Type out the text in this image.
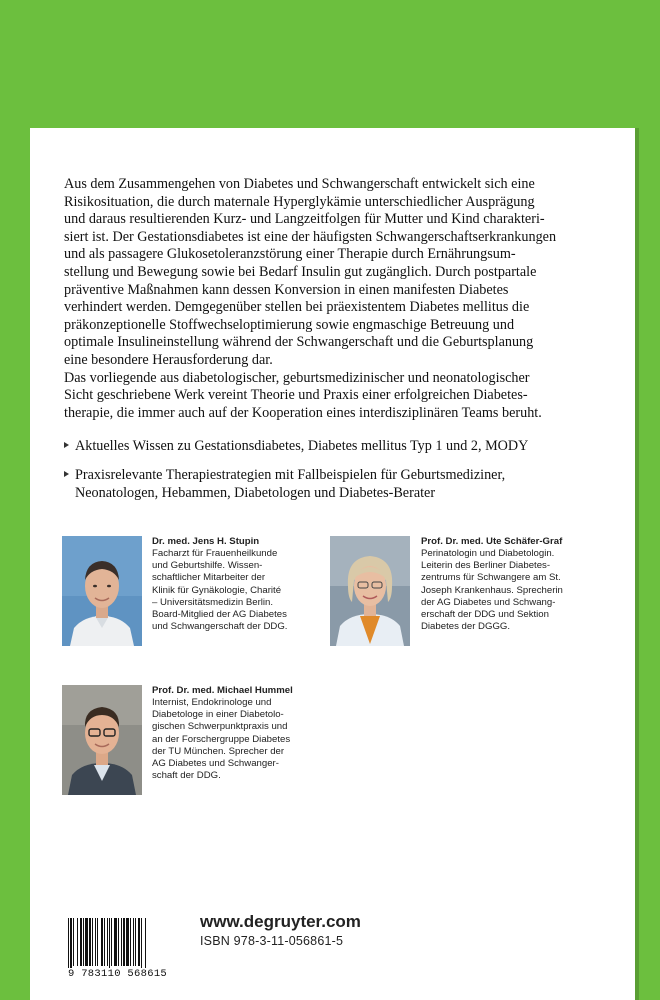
Aus dem Zusammengehen von Diabetes und Schwangerschaft entwickelt sich eine
Risikosituation, die durch maternale Hyperglykämie unterschiedlicher Ausprägung
und daraus resultierenden Kurz- und Langzeitfolgen für Mutter und Kind charakteri-
siert ist. Der Gestationsdiabetes ist eine der häufigsten Schwangerschaftserkrankungen
und als passagere Glukosetoleranzstörung einer Therapie durch Ernährungsum-
stellung und Bewegung sowie bei Bedarf Insulin gut zugänglich. Durch postpartale
präventive Maßnahmen kann dessen Konversion in einen manifesten Diabetes
verhindert werden. Demgegenüber stellen bei präexistentem Diabetes mellitus die
präkonzeptionelle Stoffwechseloptimierung sowie engmaschige Betreuung und
optimale Insulineinstellung während der Schwangerschaft und die Geburtsplanung
eine besondere Herausforderung dar.
Das vorliegende aus diabetologischer, geburtsmedizinischer und neonatologischer
Sicht geschriebene Werk vereint Theorie und Praxis einer erfolgreichen Diabetes-
therapie, die immer auch auf der Kooperation eines interdisziplinären Teams beruht.
Aktuelles Wissen zu Gestationsdiabetes, Diabetes mellitus Typ 1 und 2, MODY
Praxisrelevante Therapiestrategien mit Fallbeispielen für Geburtsmediziner,
Neonatologen, Hebammen, Diabetologen und Diabetes-Berater
Dr. med. Jens H. Stupin
Facharzt für Frauenheilkunde
und Geburtshilfe. Wissen-
schaftlicher Mitarbeiter der
Klinik für Gynäkologie, Charité
– Universitätsmedizin Berlin.
Board-Mitglied der AG Diabetes
und Schwangerschaft der DDG.
Prof. Dr. med. Ute Schäfer-Graf
Perinatologin und Diabetologin.
Leiterin des Berliner Diabetes-
zentrums für Schwangere am St.
Joseph Krankenhaus. Sprecherin
der AG Diabetes und Schwang-
erschaft der DDG und Sektion
Diabetes der DGGG.
Prof. Dr. med. Michael Hummel
Internist, Endokrinologe und
Diabetologe in einer Diabetolo-
gischen Schwerpunktpraxis und
an der Forschergruppe Diabetes
der TU München. Sprecher der
AG Diabetes und Schwanger-
schaft der DDG.
9 783110 568615
www.degruyter.com
ISBN 978-3-11-056861-5
